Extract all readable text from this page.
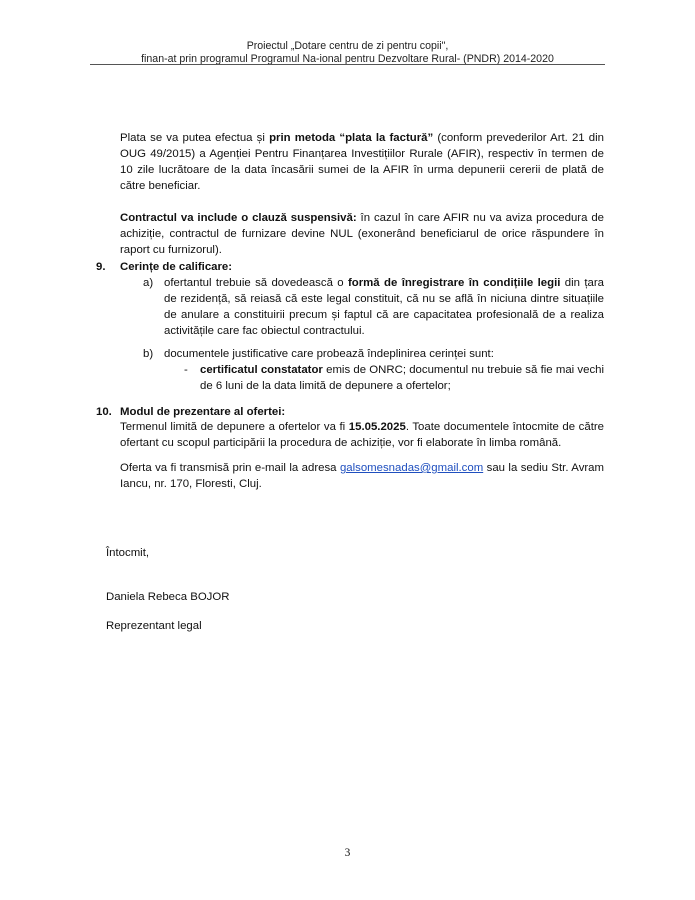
Proiectul „Dotare centru de zi pentru copii",
finan-at prin programul Programul Na-ional pentru Dezvoltare Rural- (PNDR) 2014-2020
Plata se va putea efectua și prin metoda “plata la factură” (conform prevederilor Art. 21 din OUG 49/2015) a Agenției Pentru Finanțarea Investițiilor Rurale (AFIR), respectiv în termen de 10 zile lucrătoare de la data încasării sumei de la AFIR în urma depunerii cererii de plată de către beneficiar.
Contractul va include o clauză suspensivă: în cazul în care AFIR nu va aviza procedura de achiziție, contractul de furnizare devine NUL (exonerând beneficiarul de orice răspundere în raport cu furnizorul).
9.	Cerințe de calificare:
a) ofertantul trebuie să dovedească o formă de înregistrare în condițiile legii din țara de rezidență, să reiasă că este legal constituit, că nu se află în niciuna dintre situațiile de anulare a constituirii precum și faptul că are capacitatea profesională de a realiza activitățile care fac obiectul contractului.
b) documentele justificative care probează îndeplinirea cerinței sunt:
- certificatul constatator emis de ONRC; documentul nu trebuie să fie mai vechi de 6 luni de la data limită de depunere a ofertelor;
10. Modul de prezentare al ofertei:
Termenul limită de depunere a ofertelor va fi 15.05.2025. Toate documentele întocmite de către ofertant cu scopul participării la procedura de achiziție, vor fi elaborate în limba română.
Oferta va fi transmisă prin e-mail la adresa galsomesnadas@gmail.com sau la sediu Str. Avram Iancu, nr. 170, Floresti, Cluj.
Întocmit,
Daniela Rebeca BOJOR
Reprezentant legal
3
